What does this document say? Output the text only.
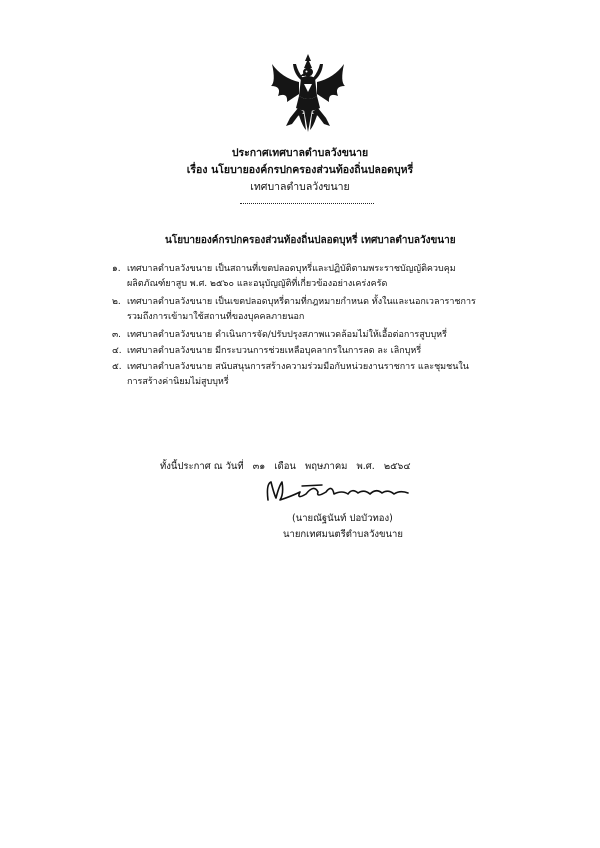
ประกาศเทศบาลตำบลวังขนาย
เรื่อง นโยบายองค์กรปกครองส่วนท้องถิ่นปลอดบุหรี่
เทศบาลตำบลวังขนาย
นโยบายองค์กรปกครองส่วนท้องถิ่นปลอดบุหรี่ เทศบาลตำบลวังขนาย
๑. เทศบาลตำบลวังขนาย เป็นสถานที่เขตปลอดบุหรี่และปฏิบัติตามพระราชบัญญัติควบคุมผลิตภัณฑ์ยาสูบ พ.ศ. ๒๕๖๐ และอนุบัญญัติที่เกี่ยวข้องอย่างเคร่งครัด
๒. เทศบาลตำบลวังขนาย เป็นเขตปลอดบุหรี่ตามที่กฎหมายกำหนด ทั้งในและนอกเวลาราชการ รวมถึงการเข้ามาใช้สถานที่ของบุคคลภายนอก
๓. เทศบาลตำบลวังขนาย ดำเนินการจัด/ปรับปรุงสภาพแวดล้อมไม่ให้เอื้อต่อการสูบบุหรี่
๔. เทศบาลตำบลวังขนาย มีกระบวนการช่วยเหลือบุคลากรในการลด ละ เลิกบุหรี่
๕. เทศบาลตำบลวังขนาย สนับสนุนการสร้างความร่วมมือกับหน่วยงานราชการ และชุมชนในการสร้างค่านิยมไม่สูบบุหรี่
ทั้งนี้ประกาศ ณ วันที่ ๓๑ เดือน พฤษภาคม พ.ศ. ๒๕๖๔
(นายณัฐนันท์ ปอบัวทอง)
นายกเทศมนตรีตำบลวังขนาย
